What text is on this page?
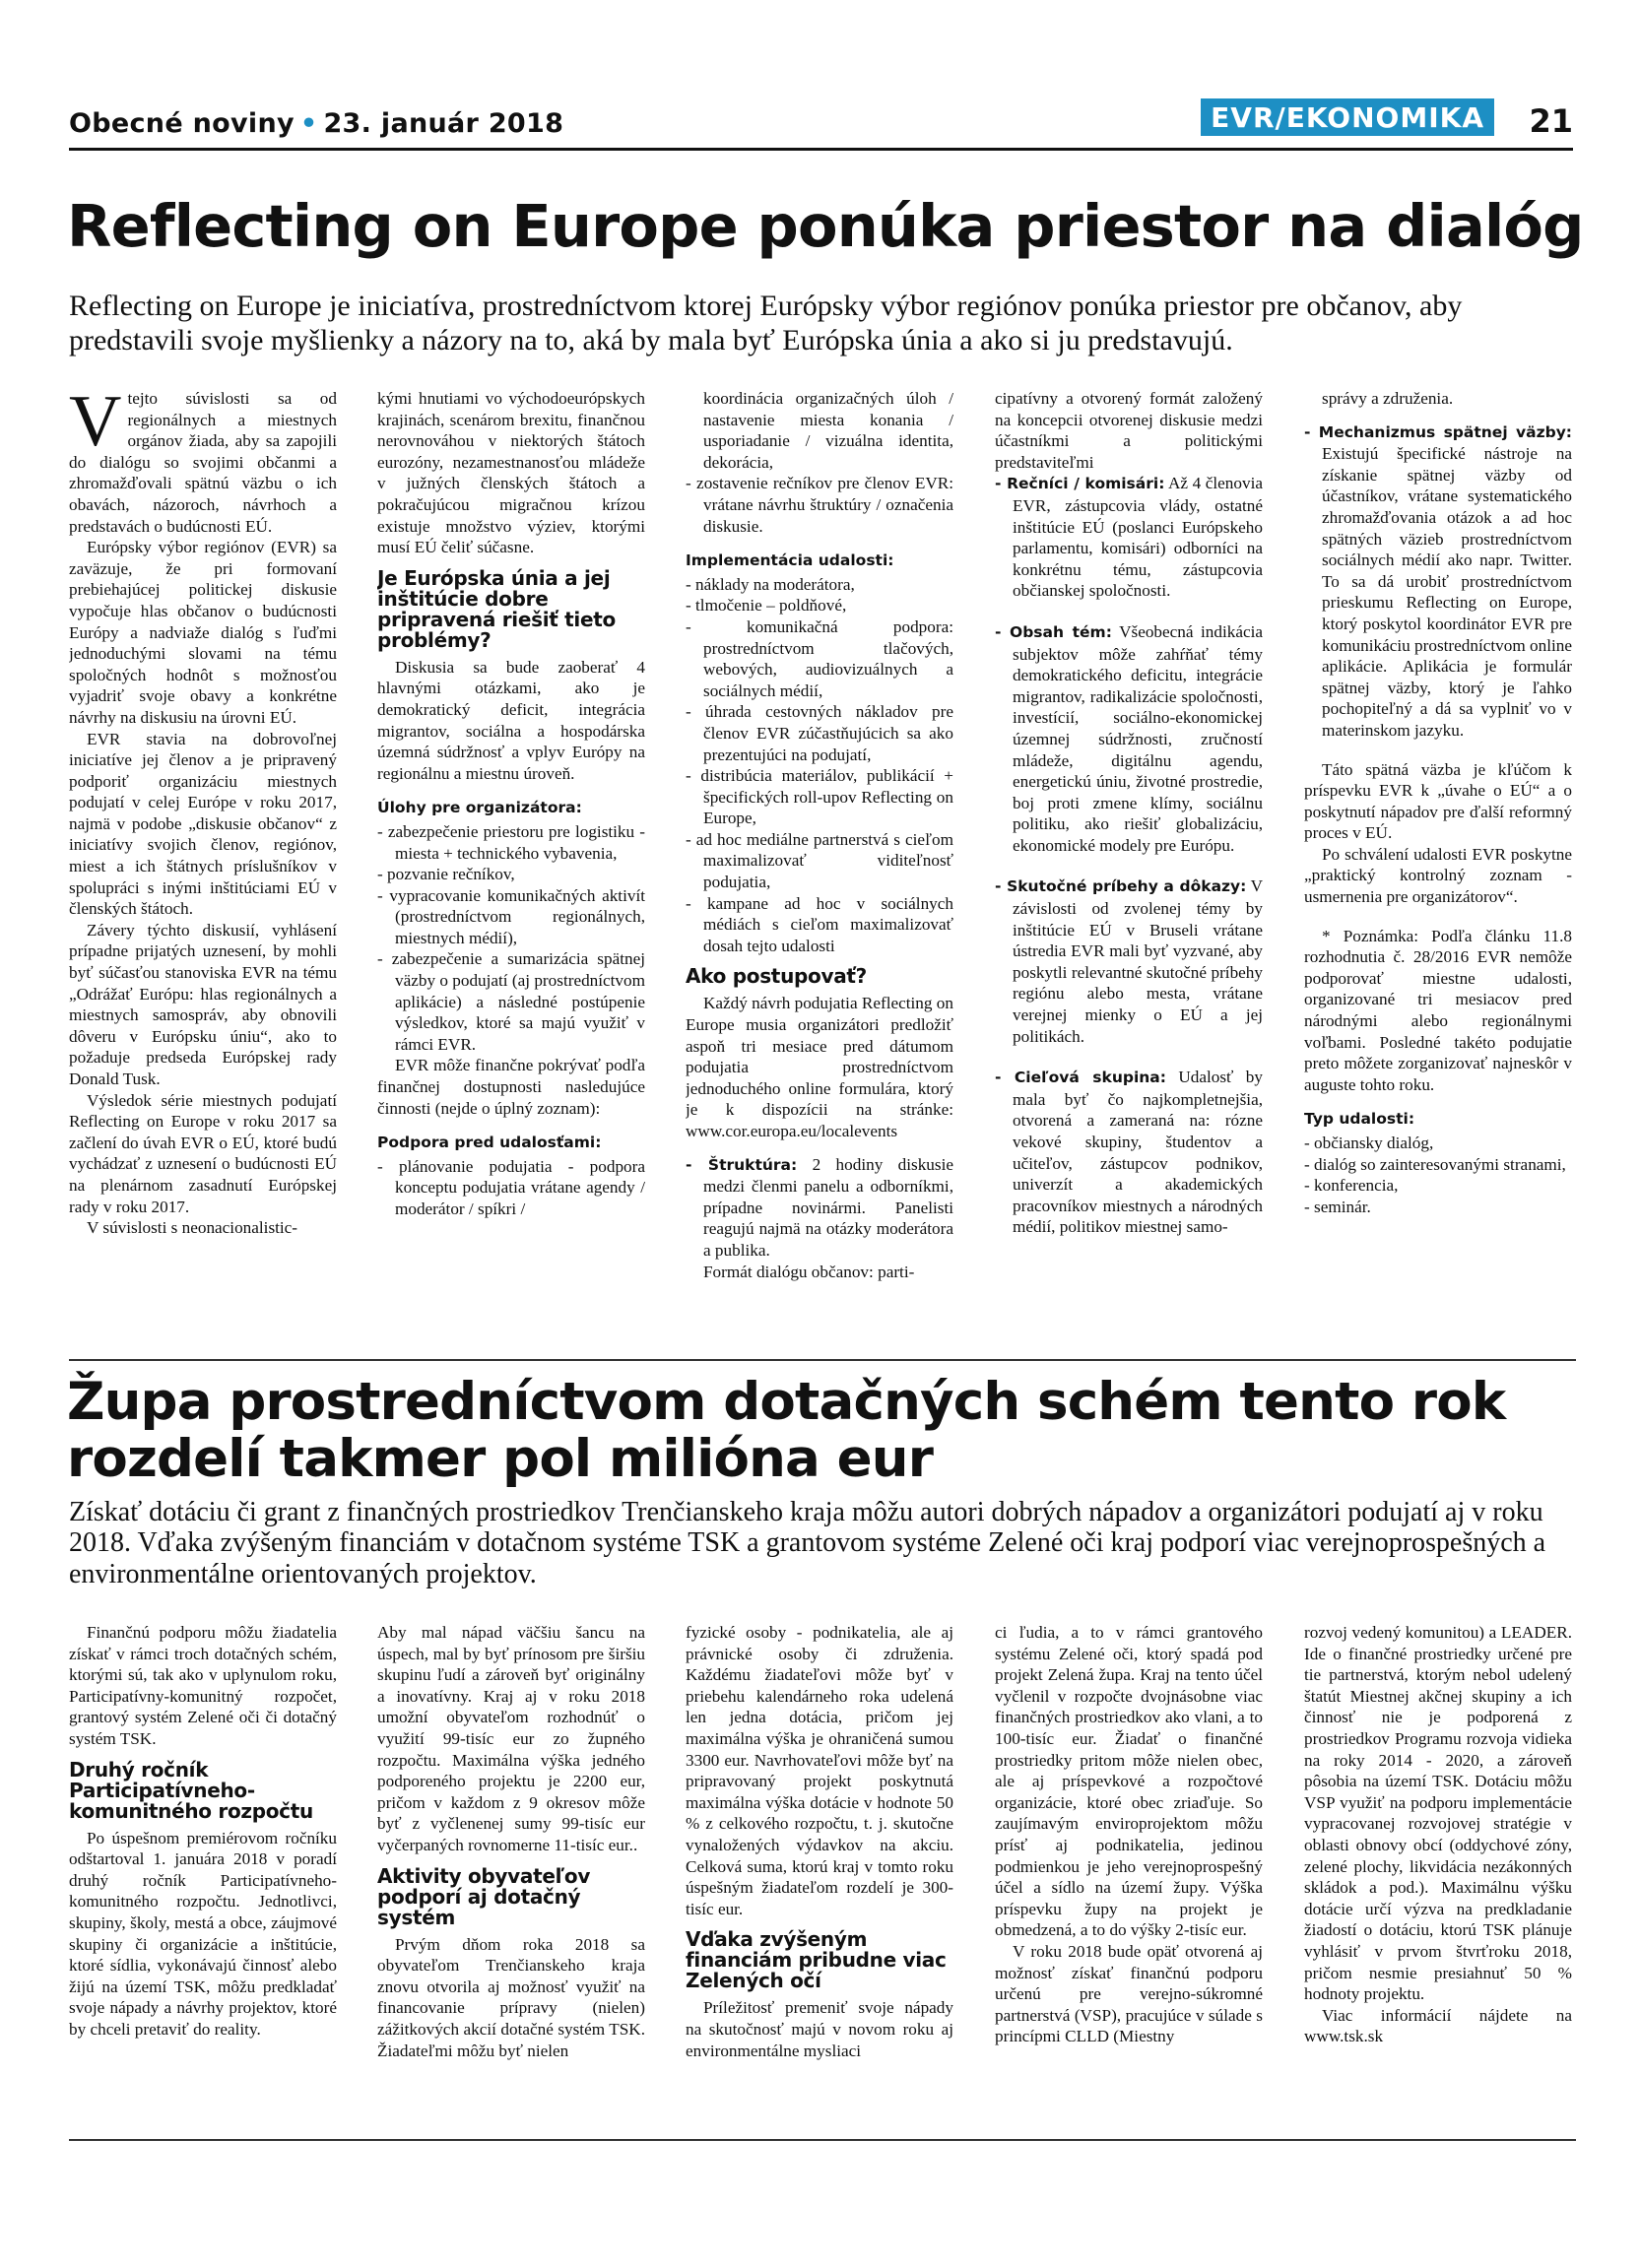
Obecné noviny • 23. január 2018	EVR/EKONOMIKA	21
Reflecting on Europe ponúka priestor na dialóg

Reflecting on Europe je iniciatíva, prostredníctvom ktorej Európsky výbor regiónov ponúka priestor pre občanov, aby predstavili svoje myšlienky a názory na to, aká by mala byť Európska únia a ako si ju predstavujú.

Vtejto súvislosti sa od regionálnych a miestnych orgánov žiada, aby sa zapojili do dialógu so svojimi občanmi a zhromažďovali spätnú väzbu o ich obavách, názoroch, návrhoch a predstavách o budúcnosti EÚ.

Európsky výbor regiónov (EVR) sa zaväzuje, že pri formovaní prebiehajúcej politickej diskusie vypočuje hlas občanov o budúcnosti Európy a nadviaže dialóg s ľuďmi jednoduchými slovami na tému spoločných hodnôt s možnosťou vyjadriť svoje obavy a konkrétne návrhy na diskusiu na úrovni EÚ.

EVR stavia na dobrovoľnej iniciatíve jej členov a je pripravený podporiť organizáciu miestnych podujatí v celej Európe v roku 2017, najmä v podobe „diskusie občanov“ z iniciatívy svojich členov, regiónov, miest a ich štátnych príslušníkov v spolupráci s inými inštitúciami EÚ v členských štátoch.

Závery týchto diskusií, vyhlásení prípadne prijatých uznesení, by mohli byť súčasťou stanoviska EVR na tému „Odrážať Európu: hlas regionálnych a miestnych samospráv, aby obnovili dôveru v Európsku úniu“, ako to požaduje predseda Európskej rady Donald Tusk.

Výsledok série miestnych podujatí Reflecting on Europe v roku 2017 sa začlení do úvah EVR o EÚ, ktoré budú vychádzať z uznesení o budúcnosti EÚ na plenárnom zasadnutí Európskej rady v roku 2017.

V súvislosti s neonacionalistic-

kými hnutiami vo východoeurópskych krajinách, scenárom brexitu, finančnou nerovnováhou v niektorých štátoch eurozóny, nezamestnanosťou mládeže v južných členských štátoch a pokračujúcou migračnou krízou existuje množstvo výziev, ktorými musí EÚ čeliť súčasne.

Je Európska únia a jej inštitúcie dobre pripravená riešiť tieto problémy?

Diskusia sa bude zaoberať 4 hlavnými otázkami, ako je demokratický deficit, integrácia migrantov, sociálna a hospodárska územná súdržnosť a vplyv Európy na regionálnu a miestnu úroveň.

Úlohy pre organizátora:

- zabezpečenie priestoru pre logistiku - miesta + technického vybavenia,
- pozvanie rečníkov,
- vypracovanie komunikačných aktivít (prostredníctvom regionálnych, miestnych médií),
- zabezpečenie a sumarizácia spätnej väzby o podujatí (aj prostredníctvom aplikácie) a následné postúpenie výsledkov, ktoré sa majú využiť v rámci EVR.

EVR môže finančne pokrývať podľa finančnej dostupnosti nasledujúce činnosti (nejde o úplný zoznam):

Podpora pred udalosťami:

- plánovanie podujatia - podpora konceptu podujatia vrátane agendy / moderátor / spíkri /
koordinácia organizačných úloh / nastavenie miesta konania / usporiadanie / vizuálna identita, dekorácia,
- zostavenie rečníkov pre členov EVR: vrátane návrhu štruktúry / označenia diskusie.

Implementácia udalosti:

- náklady na moderátora,
- tlmočenie – poldňové,
- komunikačná podpora: prostredníctvom tlačových, webových, audiovizuálnych a sociálnych médií,
- úhrada cestovných nákladov pre členov EVR zúčastňujúcich sa ako prezentujúci na podujatí,
- distribúcia materiálov, publikácií + špecifických roll-upov Reflecting on Europe,
- ad hoc mediálne partnerstvá s cieľom maximalizovať viditeľnosť podujatia,
- kampane ad hoc v sociálnych médiách s cieľom maximalizovať dosah tejto udalosti
Ako postupovať?

Každý návrh podujatia Reflecting on Europe musia organizátori predložiť aspoň tri mesiace pred dátumom podujatia prostredníctvom jednoduchého online formulára, ktorý je k dispozícii na stránke: www.cor.europa.eu/localevents

- Štruktúra: 2 hodiny diskusie medzi členmi panelu a odborníkmi, prípadne novinármi. Panelisti reagujú najmä na otázky moderátora a publika.

Formát dialógu občanov: parti-

cipatívny a otvorený formát založený na koncepcii otvorenej diskusie medzi účastníkmi a politickými predstaviteľmi

- Rečníci / komisári: Až 4 členovia EVR, zástupcovia vlády, ostatné inštitúcie EÚ (poslanci Európskeho parlamentu, komisári) odborníci na konkrétnu tému, zástupcovia občianskej spoločnosti.
- Obsah tém: Všeobecná indikácia subjektov môže zahŕňať témy demokratického deficitu, integrácie migrantov, radikalizácie spoločnosti, investícií, sociálno-ekonomickej územnej súdržnosti, zručností mládeže, digitálnu agendu, energetickú úniu, životné prostredie, boj proti zmene klímy, sociálnu politiku, ako riešiť globalizáciu, ekonomické modely pre Európu.
- Skutočné príbehy a dôkazy: V závislosti od zvolenej témy by inštitúcie EÚ v Bruseli vrátane ústredia EVR mali byť vyzvané, aby poskytli relevantné skutočné príbehy regiónu alebo mesta, vrátane verejnej mienky o EÚ a jej politikách.
- Cieľová skupina: Udalosť by mala byť čo najkompletnejšia, otvorená a zameraná na: rózne vekové skupiny, študentov a učiteľov, zástupcov podnikov, univerzít a akademických pracovníkov miestnych a národných médií, politikov miestnej samo-

správy a združenia.

- Mechanizmus spätnej väzby: Existujú špecifické nástroje na získanie spätnej väzby od účastníkov, vrátane systematického zhromažďovania otázok a ad hoc spätných väzieb prostredníctvom sociálnych médií ako napr. Twitter. To sa dá urobiť prostredníctvom prieskumu Reflecting on Europe, ktorý poskytol koordinátor EVR pre komunikáciu prostredníctvom online aplikácie. Aplikácia je formulár spätnej väzby, ktorý je ľahko pochopiteľný a dá sa vyplniť vo v materinskom jazyku.

Táto spätná väzba je kľúčom k príspevku EVR k „úvahe o EÚ“ a o poskytnutí nápadov pre ďalší reformný proces v EÚ.

Po schválení udalosti EVR poskytne „praktický kontrolný zoznam - usmernenia pre organizátorov“.

* Poznámka: Podľa článku 11.8 rozhodnutia č. 28/2016 EVR nemôže podporovať miestne udalosti, organizované tri mesiacov pred národnými alebo regionálnymi voľbami. Posledné takéto podujatie preto môžete zorganizovať najneskôr v auguste tohto roku.

Typ udalosti:

- občiansky dialóg,
- dialóg so zainteresovanými stranami,
- konferencia,
- seminár.
Župa prostredníctvom dotačných schém tento rok rozdelí takmer pol milióna eur

Získať dotáciu či grant z finančných prostriedkov Trenčianskeho kraja môžu autori dobrých nápadov a organizátori podujatí aj v roku 2018. Vďaka zvýšeným financiám v dotačnom systéme TSK a grantovom systéme Zelené oči kraj podporí viac verejnoprospešných a environmentálne orientovaných projektov.

Finančnú podporu môžu žiadatelia získať v rámci troch dotačných schém, ktorými sú, tak ako v uplynulom roku, Participatívny-komunitný rozpočet, grantový systém Zelené oči či dotačný systém TSK.

Druhý ročník Participatívneho-komunitného rozpočtu

Po úspešnom premiérovom ročníku odštartoval 1. januára 2018 v poradí druhý ročník Participatívneho-komunitného rozpočtu. Jednotlivci, skupiny, školy, mestá a obce, záujmové skupiny či organizácie a inštitúcie, ktoré sídlia, vykonávajú činnosť alebo žijú na území TSK, môžu predkladať svoje nápady a návrhy projektov, ktoré by chceli pretaviť do reality.

Aby mal nápad väčšiu šancu na úspech, mal by byť prínosom pre širšiu skupinu ľudí a zároveň byť originálny a inovatívny. Kraj aj v roku 2018 umožní obyvateľom rozhodnúť o využití 99-tisíc eur zo župného rozpočtu. Maximálna výška jedného podporeného projektu je 2200 eur, pričom v každom z 9 okresov môže byť z vyčlenenej sumy 99-tisíc eur vyčerpaných rovnomerne 11-tisíc eur..

Aktivity obyvateľov podporí aj dotačný systém

Prvým dňom roka 2018 sa obyvateľom Trenčianskeho kraja znovu otvorila aj možnosť využiť na financovanie prípravy (nielen) zážitkových akcií dotačné systém TSK. Žiadateľmi môžu byť nielen

fyzické osoby - podnikatelia, ale aj právnické osoby či združenia. Každému žiadateľovi môže byť v priebehu kalendárneho roka udelená len jedna dotácia, pričom jej maximálna výška je ohraničená sumou 3300 eur. Navrhovateľovi môže byť na pripravovaný projekt poskytnutá maximálna výška dotácie v hodnote 50 % z celkového rozpočtu, t. j. skutočne vynaložených výdavkov na akciu. Celková suma, ktorú kraj v tomto roku úspešným žiadateľom rozdelí je 300-tisíc eur.

Vďaka zvýšeným financiám pribudne viac Zelených očí

Príležitosť premeniť svoje nápady na skutočnosť majú v novom roku aj environmentálne mysliaci

ci ľudia, a to v rámci grantového systému Zelené oči, ktorý spadá pod projekt Zelená župa. Kraj na tento účel vyčlenil v rozpočte dvojnásobne viac finančných prostriedkov ako vlani, a to 100-tisíc eur. Žiadať o finančné prostriedky pritom môže nielen obec, ale aj príspevkové a rozpočtové organizácie, ktoré obec zriaďuje. So zaujímavým enviroprojektom môžu prísť aj podnikatelia, jedinou podmienkou je jeho verejnoprospešný účel a sídlo na území župy. Výška príspevku župy na projekt je obmedzená, a to do výšky 2-tisíc eur.

V roku 2018 bude opäť otvorená aj možnosť získať finančnú podporu určenú pre verejno-súkromné partnerstvá (VSP), pracujúce v súlade s princípmi CLLD (Miestny

rozvoj vedený komunitou) a LEADER. Ide o finančné prostriedky určené pre tie partnerstvá, ktorým nebol udelený štatút Miestnej akčnej skupiny a ich činnosť nie je podporená z prostriedkov Programu rozvoja vidieka na roky 2014 - 2020, a zároveň pôsobia na území TSK. Dotáciu môžu VSP využiť na podporu implementácie vypracovanej rozvojovej stratégie v oblasti obnovy obcí (oddychové zóny, zelené plochy, likvidácia nezákonných skládok a pod.). Maximálnu výšku dotácie určí výzva na predkladanie žiadostí o dotáciu, ktorú TSK plánuje vyhlásiť v prvom štvrťroku 2018, pričom nesmie presiahnuť 50 % hodnoty projektu.

Viac informácií nájdete na www.tsk.sk
